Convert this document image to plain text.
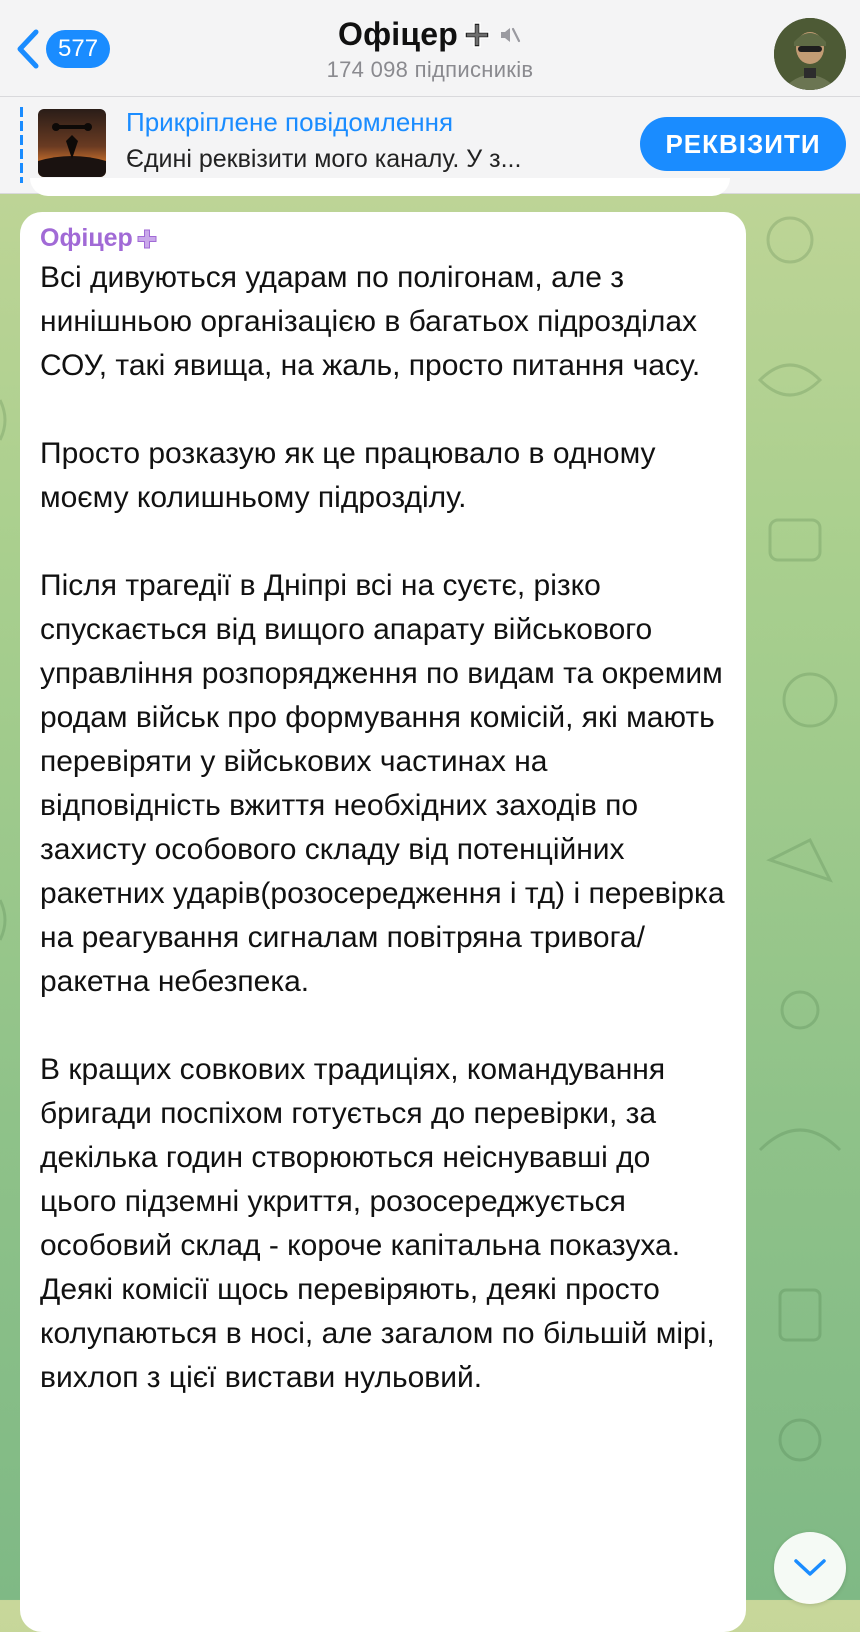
577	Офіцер
174 098 підписників
Прикріплене повідомлення
Єдині реквізити мого каналу. У з...
РЕКВІЗИТИ
Офіцер

Всі дивуються ударам по полігонам, але з нинішньою організацією в багатьох підрозділах СОУ, такі явища, на жаль, просто питання часу.

Просто розказую як це працювало в одному моєму колишньому підрозділу.

Після трагедії в Дніпрі всі на суєтє, різко спускається від вищого апарату військового управління розпорядження по видам та окремим родам військ про формування комісій, які мають перевіряти у військових частинах на відповідність вжиття необхідних заходів по захисту особового складу від потенційних ракетних ударів(розосередження і тд) і перевірка на реагування сигналам повітряна тривога/ракетна небезпека.

В кращих совкових традиціях, командування бригади поспіхом готується до перевірки, за декілька годин створюються неіснувавші до цього підземні укриття, розосереджується особовий склад - короче капітальна показуха. Деякі комісії щось перевіряють, деякі просто колупаються в носі, але загалом по більшій мірі, вихлоп з цієї вистави нульовий.
